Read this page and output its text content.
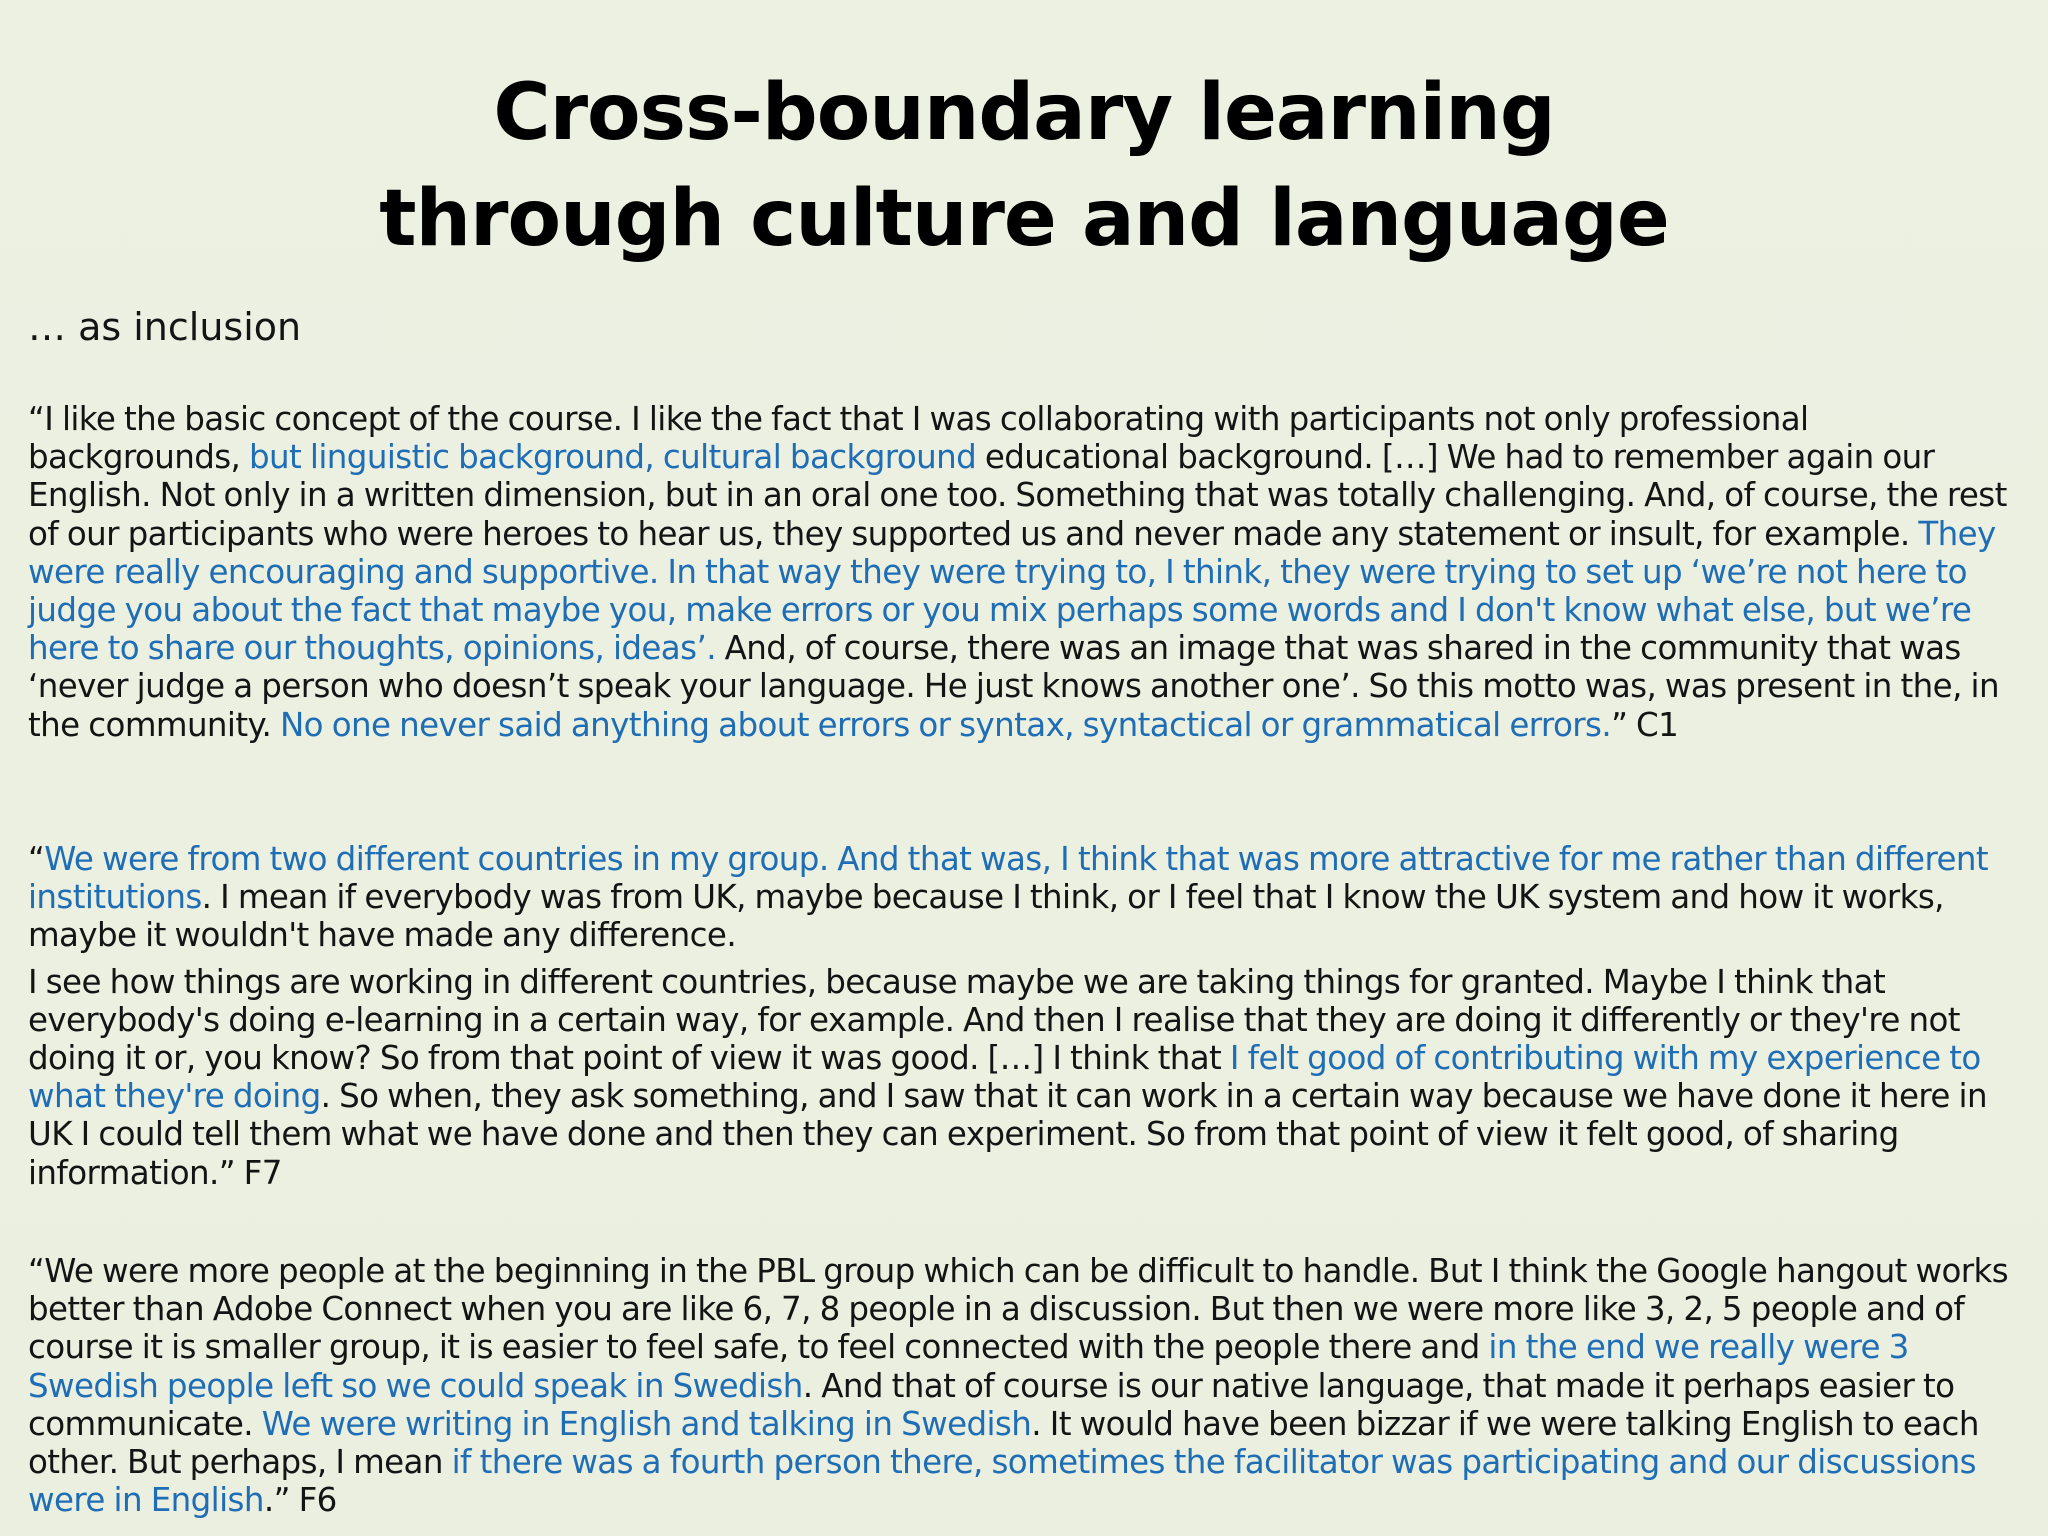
Cross-boundary learning
through culture and language
… as inclusion

“I like the basic concept of the course. I like the fact that I was collaborating with participants not only professional backgrounds, but linguistic background, cultural background educational background. […] We had to remember again our English. Not only in a written dimension, but in an oral one too. Something that was totally challenging. And, of course, the rest of our participants who were heroes to hear us, they supported us and never made any statement or insult, for example. They were really encouraging and supportive. In that way they were trying to, I think, they were trying to set up ‘we’re not here to judge you about the fact that maybe you, make errors or you mix perhaps some words and I don't know what else, but we’re here to share our thoughts, opinions, ideas’. And, of course, there was an image that was shared in the community that was ‘never judge a person who doesn’t speak your language. He just knows another one’. So this motto was, was present in the, in the community. No one never said anything about errors or syntax, syntactical or grammatical errors.” C1

“We were from two different countries in my group. And that was, I think that was more attractive for me rather than different institutions. I mean if everybody was from UK, maybe because I think, or I feel that I know the UK system and how it works, maybe it wouldn't have made any difference.

I see how things are working in different countries, because maybe we are taking things for granted. Maybe I think that everybody's doing e-learning in a certain way, for example. And then I realise that they are doing it differently or they're not doing it or, you know? So from that point of view it was good. […] I think that I felt good of contributing with my experience to what they're doing. So when, they ask something, and I saw that it can work in a certain way because we have done it here in UK I could tell them what we have done and then they can experiment. So from that point of view it felt good, of sharing information.” F7

“We were more people at the beginning in the PBL group which can be difficult to handle. But I think the Google hangout works better than Adobe Connect when you are like 6, 7, 8 people in a discussion. But then we were more like 3, 2, 5 people and of course it is smaller group, it is easier to feel safe, to feel connected with the people there and in the end we really were 3 Swedish people left so we could speak in Swedish. And that of course is our native language, that made it perhaps easier to communicate. We were writing in English and talking in Swedish. It would have been bizzar if we were talking English to each other. But perhaps, I mean if there was a fourth person there, sometimes the facilitator was participating and our discussions were in English.” F6
